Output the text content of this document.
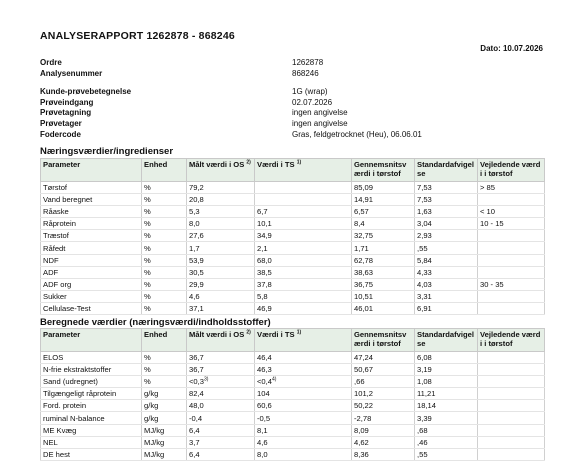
ANALYSERAPPORT 1262878 - 868246
Dato: 10.07.2026
Ordre	1262878
Analysenummer	868246
Kunde-prøvebetegnelse	1G (wrap)
Prøveindgang	02.07.2026
Prøvetagning	ingen angivelse
Prøvetager	ingen angivelse
Fodercode	Gras, feldgetrocknet (Heu), 06.06.01
Næringsværdier/ingredienser
Parameter	Enhed	Målt værdi i OS $^{2)}$	Værdi i TS $^{1)}$	Gennemsnitsværdi i tørstof	Standardafvigelse	Vejledende værdi i tørstof
Tørstof	%	79,2		85,09	7,53	> 85
Vand beregnet	%	20,8		14,91	7,53	
Råaske	%	5,3	6,7	6,57	1,63	< 10
Råprotein	%	8,0	10,1	8,4	3,04	10 - 15
Træstof	%	27,6	34,9	32,75	2,93	
Råfedt	%	1,7	2,1	1,71	,55	
NDF	%	53,9	68,0	62,78	5,84	
ADF	%	30,5	38,5	38,63	4,33	
ADF org	%	29,9	37,8	36,75	4,03	30 - 35
Sukker	%	4,6	5,8	10,51	3,31	
Cellulase-Test	%	37,1	46,9	46,01	6,91	
Beregnede værdier (næringsværdi/indholdsstoffer)
Parameter	Enhed	Målt værdi i OS $^{2)}$	Værdi i TS $^{1)}$	Gennemsnitsværdi i tørstof	Standardafvigelse	Vejledende værdi i tørstof
ELOS	%	36,7	46,4	47,24	6,08	
N-frie ekstraktstoffer	%	36,7	46,3	50,67	3,19	
Sand (udregnet)	%	$<0,3^{3)}$	$<0,4^{4)}$	,66	1,08	
Tilgængeligt råprotein	g/kg	82,4	104	101,2	11,21	
Ford. protein	g/kg	48,0	60,6	50,22	18,14	
ruminal N-balance	g/kg	-0,4	-0,5	-2,78	3,39	
ME Kvæg	MJ/kg	6,4	8,1	8,09	,68	
NEL	MJ/kg	3,7	4,6	4,62	,46	
DE hest	MJ/kg	6,4	8,0	8,36	,55	
